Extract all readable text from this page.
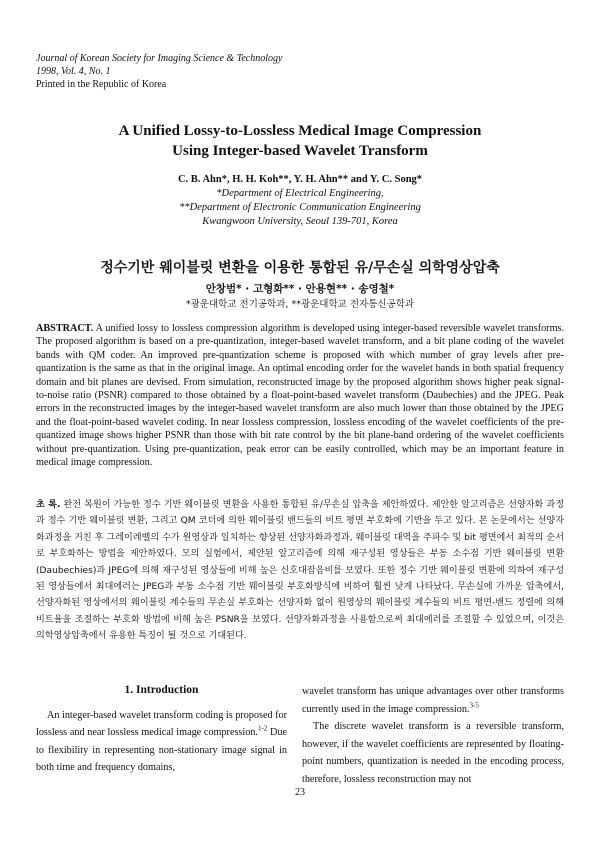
Journal of Korean Society for Imaging Science & Technology
1998, Vol. 4, No. 1
Printed in the Republic of Korea
A Unified Lossy-to-Lossless Medical Image Compression
Using Integer-based Wavelet Transform
C. B. Ahn*, H. H. Koh**, Y. H. Ahn** and Y. C. Song*
*Department of Electrical Engineering,
**Department of Electronic Communication Engineering
Kwangwoon University, Seoul 139-701, Korea
정수기반 웨이블릿 변환을 이용한 통합된 유/무손실 의학영상압축
안창범* · 고형화** · 안용현** · 송영철*
*광운대학교 전기공학과, **광운대학교 전자통신공학과
ABSTRACT. A unified lossy to lossless compression algorithm is developed using integer-based reversible wavelet transforms. The proposed algorithm is based on a pre-quantization, integer-based wavelet transform, and a bit plane coding of the wavelet bands with QM coder. An improved pre-quantization scheme is proposed with which number of gray levels after pre-quantization is the same as that in the original image. An optimal encoding order for the wavelet bands in both spatial frequency domain and bit planes are devised. From simulation, reconstructed image by the proposed algorithm shows higher peak signal-to-noise ratio (PSNR) compared to those obtained by a float-point-based wavelet transform (Daubechies) and the JPEG. Peak errors in the reconstructed images by the integer-based wavelet transform are also much lower than those obtained by the JPEG and the float-point-based wavelet coding. In near lossless compression, lossless encoding of the wavelet coefficients of the pre-quantized image shows higher PSNR than those with bit rate control by the bit plane-band ordering of the wavelet coefficients without pre-quantization. Using pre-quantization, peak error can be easily controlled, which may be an important feature in medical image compression.
초 록. 완전 복원이 가능한 정수 기반 웨이블릿 변환을 사용한 통합된 유/무손실 압축을 제안하였다. 제안한 알고리즘은 선양자화 과정과 정수 기반 웨이블릿 변환, 그리고 QM 코더에 의한 웨이블릿 밴드들의 비트 평면 부호화에 기반을 두고 있다. 본 논문에서는 선양자화과정을 거친 후 그레이레벨의 수가 원영상과 일치하는 향상된 선양자화과정과, 웨이블릿 대역을 주파수 및 bit 평면에서 최적의 순서로 부호화하는 방법을 제안하였다. 모의 실험에서, 제안된 알고리즘에 의해 재구성된 영상들은 부동 소수점 기반 웨이블릿 변환(Daubechies)과 JPEG에 의해 재구성된 영상들에 비해 높은 신호대잡음비를 보였다. 또한 정수 기반 웨이블릿 변환에 의하여 재구성된 영상들에서 최대에러는 JPEG과 부동 소수점 기반 웨이블릿 부호화방식에 비하여 훨씬 낮게 나타났다. 무손실에 가까운 압축에서, 선양자화된 영상에서의 웨이블릿 계수들의 무손실 부호화는 선양자화 없이 원영상의 웨이블릿 계수들의 비트 평면-밴드 정렬에 의해 비트율을 조절하는 부호화 방법에 비해 높은 PSNR을 보였다. 선양자화과정을 사용함으로써 최대에러를 조절할 수 있었으며, 이것은 의학영상압축에서 유용한 특징이 될 것으로 기대된다.
1. Introduction

An integer-based wavelet transform coding is proposed for lossless and near lossless medical image compression.$^{1-2}$ Due to flexibility in representing non-stationary image signal in both time and frequency domains,

wavelet transform has unique advantages over other transforms currently used in the image compression.$^{3-5}$

The discrete wavelet transform is a reversible transform, however, if the wavelet coefficients are represented by floating-point numbers, quantization is needed in the encoding process, therefore, lossless reconstruction may not

23
